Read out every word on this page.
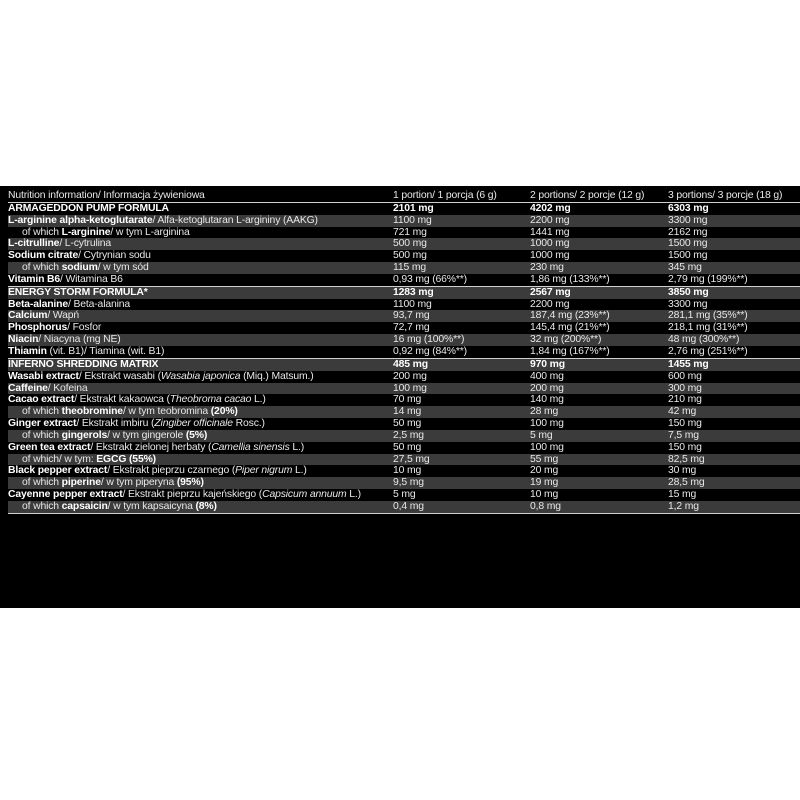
Nutrition information/ Informacja żywieniowa	1 portion/ 1 porcja (6 g)	2 portions/ 2 porcje (12 g)	3 portions/ 3 porcje (18 g)
ARMAGEDDON PUMP FORMULA	2101 mg	4202 mg	6303 mg
L-arginine alpha-ketoglutarate/ Alfa-ketoglutaran L-argininy (AAKG)	1100 mg	2200 mg	3300 mg
of which L-arginine/ w tym L-arginina	721 mg	1441 mg	2162 mg
L-citrulline/ L-cytrulina	500 mg	1000 mg	1500 mg
Sodium citrate/ Cytrynian sodu	500 mg	1000 mg	1500 mg
of which sodium/ w tym sód	115 mg	230 mg	345 mg
Vitamin B6/ Witamina B6	0,93 mg (66%**)	1,86 mg (133%**)	2,79 mg (199%**)
ENERGY STORM FORMULA*	1283 mg	2567 mg	3850 mg
Beta-alanine/ Beta-alanina	1100 mg	2200 mg	3300 mg
Calcium/ Wapń	93,7 mg	187,4 mg (23%**)	281,1 mg (35%**)
Phosphorus/ Fosfor	72,7 mg	145,4 mg (21%**)	218,1 mg (31%**)
Niacin/ Niacyna (mg NE)	16 mg (100%**)	32 mg (200%**)	48 mg (300%**)
Thiamin (vit. B1)/ Tiamina (wit. B1)	0,92 mg (84%**)	1,84 mg (167%**)	2,76 mg (251%**)
INFERNO SHREDDING MATRIX	485 mg	970 mg	1455 mg
Wasabi extract/ Ekstrakt wasabi (Wasabia japonica (Miq.) Matsum.)	200 mg	400 mg	600 mg
Caffeine/ Kofeina	100 mg	200 mg	300 mg
Cacao extract/ Ekstrakt kakaowca (Theobroma cacao L.)	70 mg	140 mg	210 mg
of which theobromine/ w tym teobromina (20%)	14 mg	28 mg	42 mg
Ginger extract/ Ekstrakt imbiru (Zingiber officinale Rosc.)	50 mg	100 mg	150 mg
of which gingerols/ w tym gingerole (5%)	2,5 mg	5 mg	7,5 mg
Green tea extract/ Ekstrakt zielonej herbaty (Camellia sinensis L.)	50 mg	100 mg	150 mg
of which/ w tym: EGCG (55%)	27,5 mg	55 mg	82,5 mg
Black pepper extract/ Ekstrakt pieprzu czarnego (Piper nigrum L.)	10 mg	20 mg	30 mg
of which piperine/ w tym piperyna (95%)	9,5 mg	19 mg	28,5 mg
Cayenne pepper extract/ Ekstrakt pieprzu kajeńskiego (Capsicum annuum L.)	5 mg	10 mg	15 mg
of which capsaicin/ w tym kapsaicyna (8%)	0,4 mg	0,8 mg	1,2 mg
